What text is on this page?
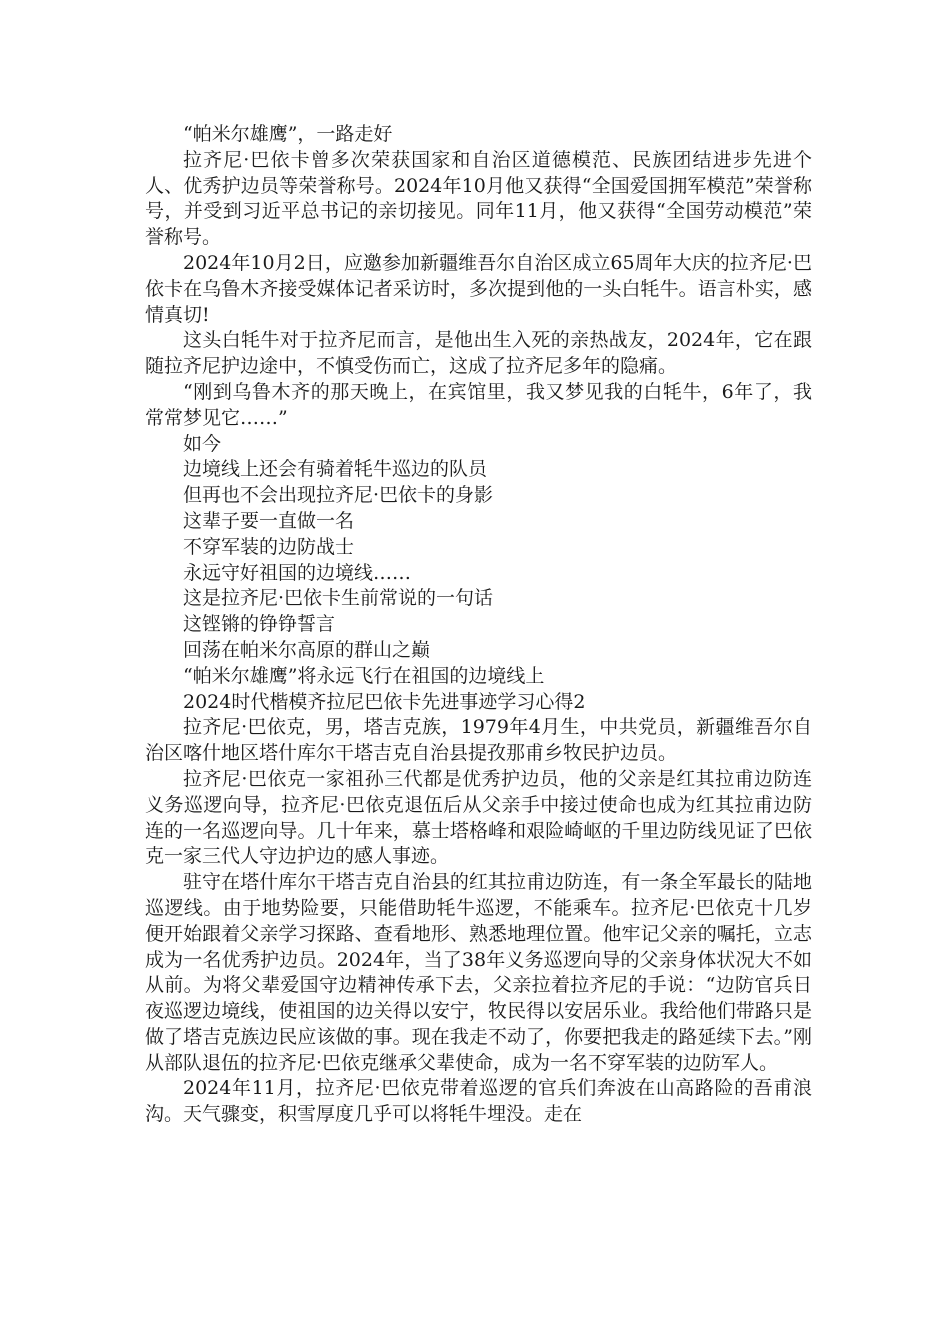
“帕米尔雄鹰”，一路走好

拉齐尼·巴依卡曾多次荣获国家和自治区道德模范、民族团结进步先进个人、优秀护边员等荣誉称号。2024年10月他又获得“全国爱国拥军模范”荣誉称号，并受到习近平总书记的亲切接见。同年11月，他又获得“全国劳动模范”荣誉称号。

2024年10月2日，应邀参加新疆维吾尔自治区成立65周年大庆的拉齐尼·巴依卡在乌鲁木齐接受媒体记者采访时，多次提到他的一头白牦牛。语言朴实，感情真切!

这头白牦牛对于拉齐尼而言，是他出生入死的亲热战友，2024年，它在跟随拉齐尼护边途中，不慎受伤而亡，这成了拉齐尼多年的隐痛。

“刚到乌鲁木齐的那天晚上，在宾馆里，我又梦见我的白牦牛，6年了，我常常梦见它……”

如今

边境线上还会有骑着牦牛巡边的队员

但再也不会出现拉齐尼·巴依卡的身影

这辈子要一直做一名

不穿军装的边防战士

永远守好祖国的边境线……

这是拉齐尼·巴依卡生前常说的一句话

这铿锵的铮铮誓言

回荡在帕米尔高原的群山之巅

“帕米尔雄鹰”将永远飞行在祖国的边境线上

2024时代楷模齐拉尼巴依卡先进事迹学习心得2

拉齐尼·巴依克，男，塔吉克族，1979年4月生，中共党员，新疆维吾尔自治区喀什地区塔什库尔干塔吉克自治县提孜那甫乡牧民护边员。

拉齐尼·巴依克一家祖孙三代都是优秀护边员，他的父亲是红其拉甫边防连义务巡逻向导，拉齐尼·巴依克退伍后从父亲手中接过使命也成为红其拉甫边防连的一名巡逻向导。几十年来，慕士塔格峰和艰险崎岖的千里边防线见证了巴依克一家三代人守边护边的感人事迹。

驻守在塔什库尔干塔吉克自治县的红其拉甫边防连，有一条全军最长的陆地巡逻线。由于地势险要，只能借助牦牛巡逻，不能乘车。拉齐尼·巴依克十几岁便开始跟着父亲学习探路、查看地形、熟悉地理位置。他牢记父亲的嘱托，立志成为一名优秀护边员。2024年，当了38年义务巡逻向导的父亲身体状况大不如从前。为将父辈爱国守边精神传承下去，父亲拉着拉齐尼的手说：“边防官兵日夜巡逻边境线，使祖国的边关得以安宁，牧民得以安居乐业。我给他们带路只是做了塔吉克族边民应该做的事。现在我走不动了，你要把我走的路延续下去。”刚从部队退伍的拉齐尼·巴依克继承父辈使命，成为一名不穿军装的边防军人。

2024年11月，拉齐尼·巴依克带着巡逻的官兵们奔波在山高路险的吾甫浪沟。天气骤变，积雪厚度几乎可以将牦牛埋没。走在
